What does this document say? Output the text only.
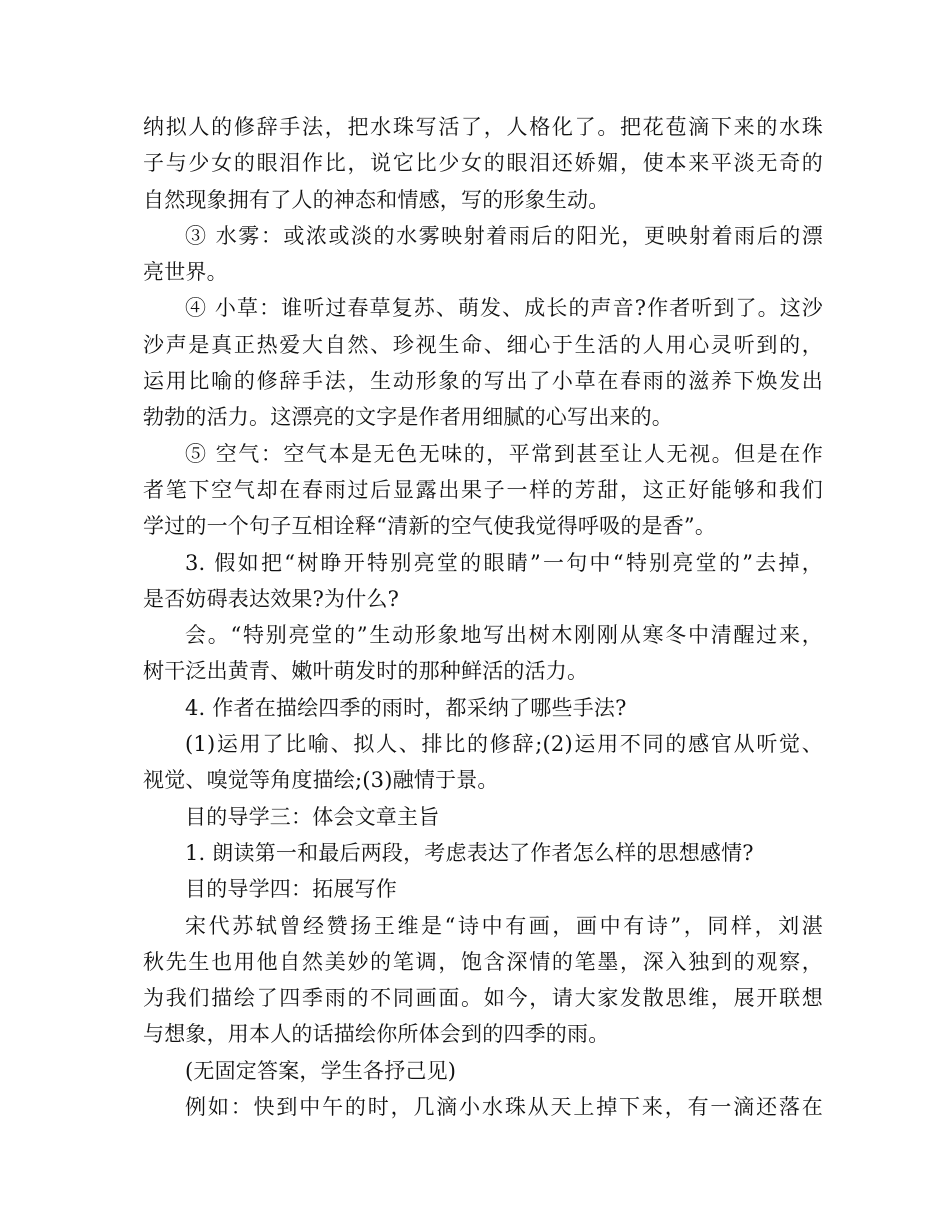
纳拟人的修辞手法，把水珠写活了，人格化了。把花苞滴下来的水珠
子与少女的眼泪作比，说它比少女的眼泪还娇媚，使本来平淡无奇的
自然现象拥有了人的神态和情感，写的形象生动。
③ 水雾：或浓或淡的水雾映射着雨后的阳光，更映射着雨后的漂
亮世界。
④ 小草：谁听过春草复苏、萌发、成长的声音?作者听到了。这沙
沙声是真正热爱大自然、珍视生命、细心于生活的人用心灵听到的，
运用比喻的修辞手法，生动形象的写出了小草在春雨的滋养下焕发出
勃勃的活力。这漂亮的文字是作者用细腻的心写出来的。
⑤ 空气：空气本是无色无味的，平常到甚至让人无视。但是在作
者笔下空气却在春雨过后显露出果子一样的芳甜，这正好能够和我们
学过的一个句子互相诠释“清新的空气使我觉得呼吸的是香”。
3. 假如把“树睁开特别亮堂的眼睛”一句中“特别亮堂的”去掉，
是否妨碍表达效果?为什么?
会。“特别亮堂的”生动形象地写出树木刚刚从寒冬中清醒过来，
树干泛出黄青、嫩叶萌发时的那种鲜活的活力。
4. 作者在描绘四季的雨时，都采纳了哪些手法?
(1)运用了比喻、拟人、排比的修辞;(2)运用不同的感官从听觉、
视觉、嗅觉等角度描绘;(3)融情于景。
目的导学三：体会文章主旨
1. 朗读第一和最后两段，考虑表达了作者怎么样的思想感情?
目的导学四：拓展写作
宋代苏轼曾经赞扬王维是“诗中有画，画中有诗”，同样，刘湛
秋先生也用他自然美妙的笔调，饱含深情的笔墨，深入独到的观察，
为我们描绘了四季雨的不同画面。如今，请大家发散思维，展开联想
与想象，用本人的话描绘你所体会到的四季的雨。
(无固定答案，学生各抒己见)
例如：快到中午的时，几滴小水珠从天上掉下来，有一滴还落在
